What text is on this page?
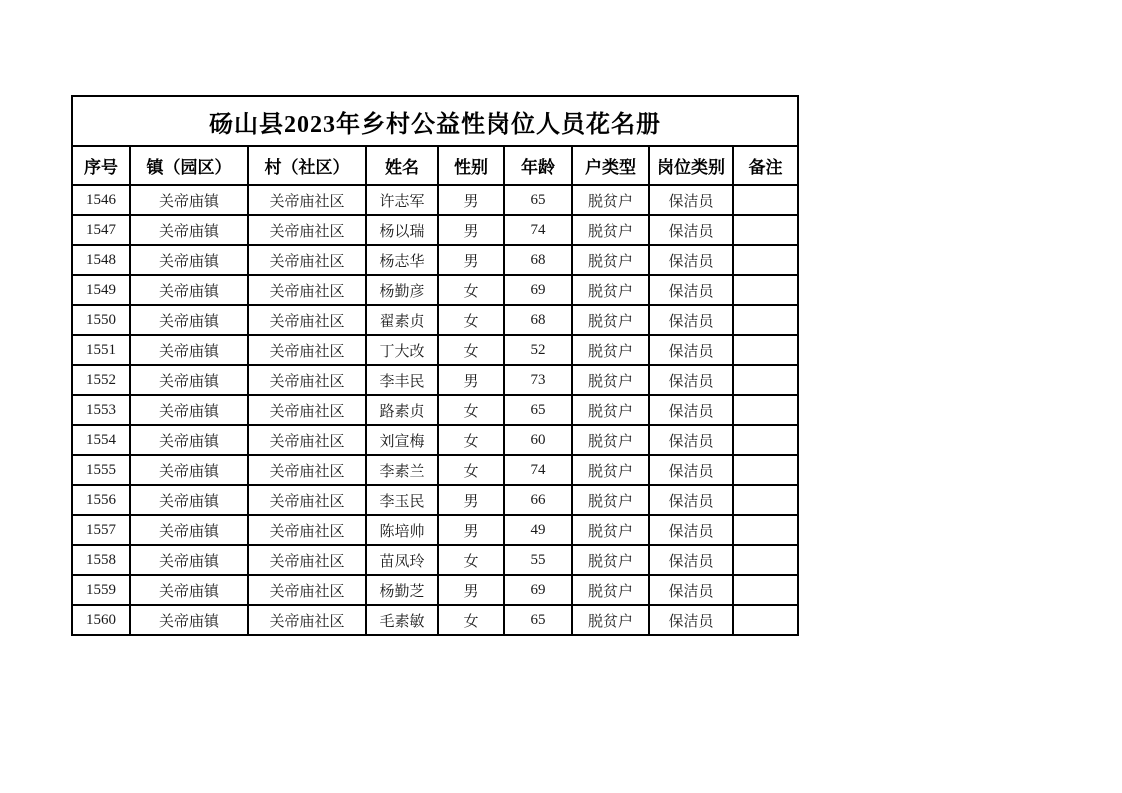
砀山县2023年乡村公益性岗位人员花名册								
序号	镇（园区）	村（社区）	姓名	性别	年龄	户类型	岗位类别	备注
1546	关帝庙镇	关帝庙社区	许志军	男	65	脱贫户	保洁员	
1547	关帝庙镇	关帝庙社区	杨以瑞	男	74	脱贫户	保洁员	
1548	关帝庙镇	关帝庙社区	杨志华	男	68	脱贫户	保洁员	
1549	关帝庙镇	关帝庙社区	杨勤彦	女	69	脱贫户	保洁员	
1550	关帝庙镇	关帝庙社区	翟素贞	女	68	脱贫户	保洁员	
1551	关帝庙镇	关帝庙社区	丁大改	女	52	脱贫户	保洁员	
1552	关帝庙镇	关帝庙社区	李丰民	男	73	脱贫户	保洁员	
1553	关帝庙镇	关帝庙社区	路素贞	女	65	脱贫户	保洁员	
1554	关帝庙镇	关帝庙社区	刘宣梅	女	60	脱贫户	保洁员	
1555	关帝庙镇	关帝庙社区	李素兰	女	74	脱贫户	保洁员	
1556	关帝庙镇	关帝庙社区	李玉民	男	66	脱贫户	保洁员	
1557	关帝庙镇	关帝庙社区	陈培帅	男	49	脱贫户	保洁员	
1558	关帝庙镇	关帝庙社区	苗凤玲	女	55	脱贫户	保洁员	
1559	关帝庙镇	关帝庙社区	杨勤芝	男	69	脱贫户	保洁员	
1560	关帝庙镇	关帝庙社区	毛素敏	女	65	脱贫户	保洁员	
